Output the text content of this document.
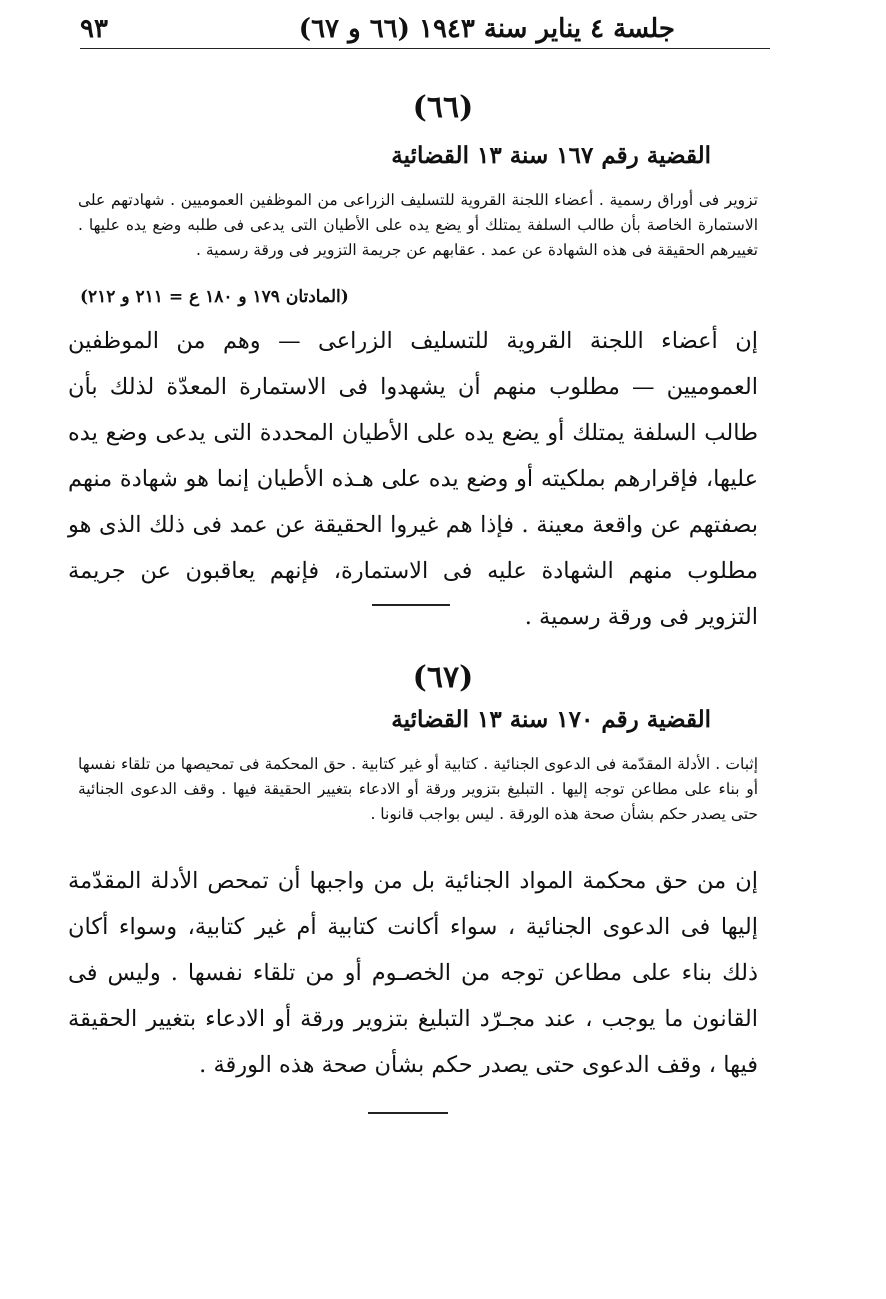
جلسة ٤ يناير سنة ١٩٤٣ (٦٦ و ٦٧)
٩٣
(٦٦)
القضية رقم ١٦٧ سنة ١٣ القضائية

تزوير فى أوراق رسمية . أعضاء اللجنة القروية للتسليف الزراعى من الموظفين العموميين . شهادتهم على الاستمارة الخاصة بأن طالب السلفة يمتلك أو يضع يده على الأطيان التى يدعى فى طلبه وضع يده عليها . تغييرهم الحقيقة فى هذه الشهادة عن عمد . عقابهم عن جريمة التزوير فى ورقة رسمية .

(المادتان ١٧٩ و ١٨٠ ع = ٢١١ و ٢١٢)

إن أعضاء اللجنة القروية للتسليف الزراعى — وهم من الموظفين العموميين — مطلوب منهم أن يشهدوا فى الاستمارة المعدّة لذلك بأن طالب السلفة يمتلك أو يضع يده على الأطيان المحددة التى يدعى وضع يده عليها، فإقرارهم بملكيته أو وضع يده على هـذه الأطيان إنما هو شهادة منهم بصفتهم عن واقعة معينة . فإذا هم غيروا الحقيقة عن عمد فى ذلك الذى هو مطلوب منهم الشهادة عليه فى الاستمارة، فإنهم يعاقبون عن جريمة التزوير فى ورقة رسمية .

(٦٧)
القضية رقم ١٧٠ سنة ١٣ القضائية

إثبات . الأدلة المقدّمة فى الدعوى الجنائية . كتابية أو غير كتابية . حق المحكمة فى تمحيصها من تلقاء نفسها أو بناء على مطاعن توجه إليها . التبليغ بتزوير ورقة أو الادعاء بتغيير الحقيقة فيها . وقف الدعوى الجنائية حتى يصدر حكم بشأن صحة هذه الورقة . ليس بواجب قانونا .

إن من حق محكمة المواد الجنائية بل من واجبها أن تمحص الأدلة المقدّمة إليها فى الدعوى الجنائية ، سواء أكانت كتابية أم غير كتابية، وسواء أكان ذلك بناء على مطاعن توجه من الخصـوم أو من تلقاء نفسها . وليس فى القانون ما يوجب ، عند مجـرّد التبليغ بتزوير ورقة أو الادعاء بتغيير الحقيقة فيها ، وقف الدعوى حتى يصدر حكم بشأن صحة هذه الورقة .
